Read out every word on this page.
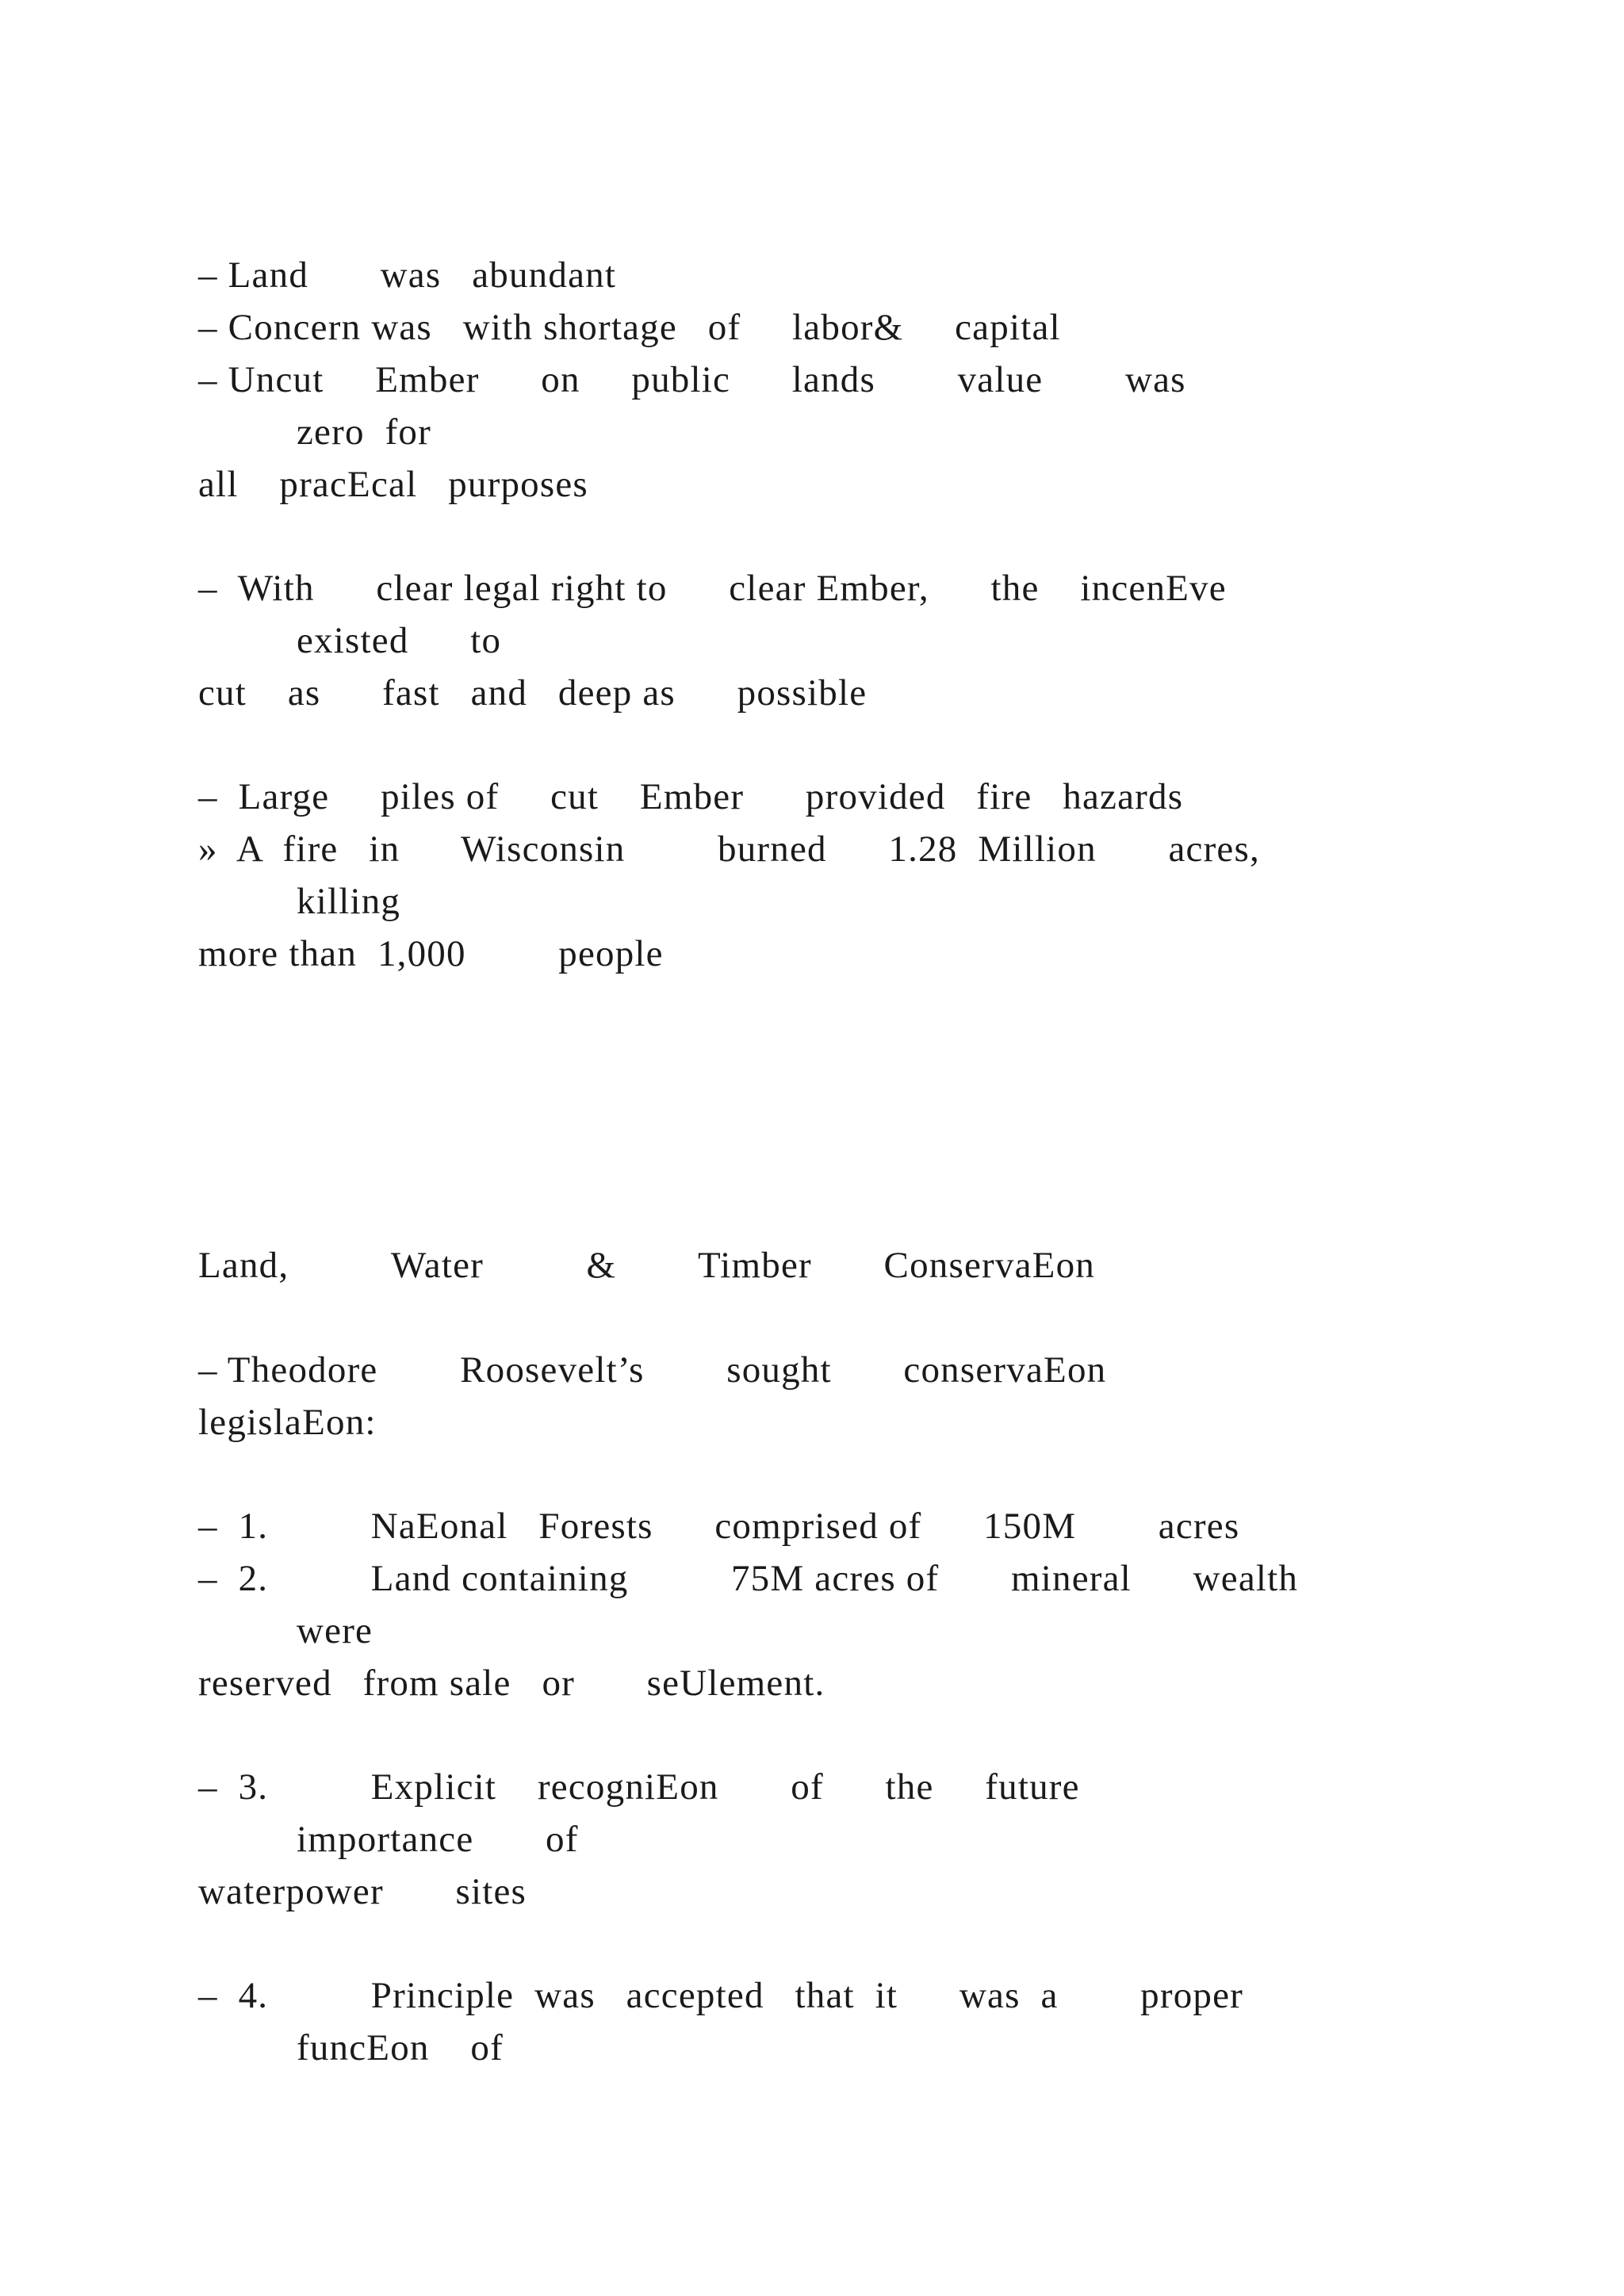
– Land       was   abundant
– Concern was   with shortage   of     labor&     capital
– Uncut     Ember      on     public      lands        value        was
zero  for
all    pracEcal   purposes
–  With      clear legal right to      clear Ember,      the    incenEve
existed      to
cut    as      fast   and   deep as      possible
–  Large     piles of     cut    Ember      provided   fire   hazards
»  A  fire   in      Wisconsin         burned      1.28  Million       acres,
killing
more than  1,000         people
Land,          Water          &        Timber       ConservaEon
– Theodore        Roosevelt’s        sought       conservaEon
legislaEon:
–  1.          NaEonal   Forests      comprised of      150M        acres
–  2.          Land containing          75M acres of       mineral      wealth
were
reserved   from sale   or       seUlement.
–  3.          Explicit    recogniEon       of      the     future
importance       of
waterpower       sites
–  4.          Principle  was   accepted   that  it      was  a        proper
funcEon    of
